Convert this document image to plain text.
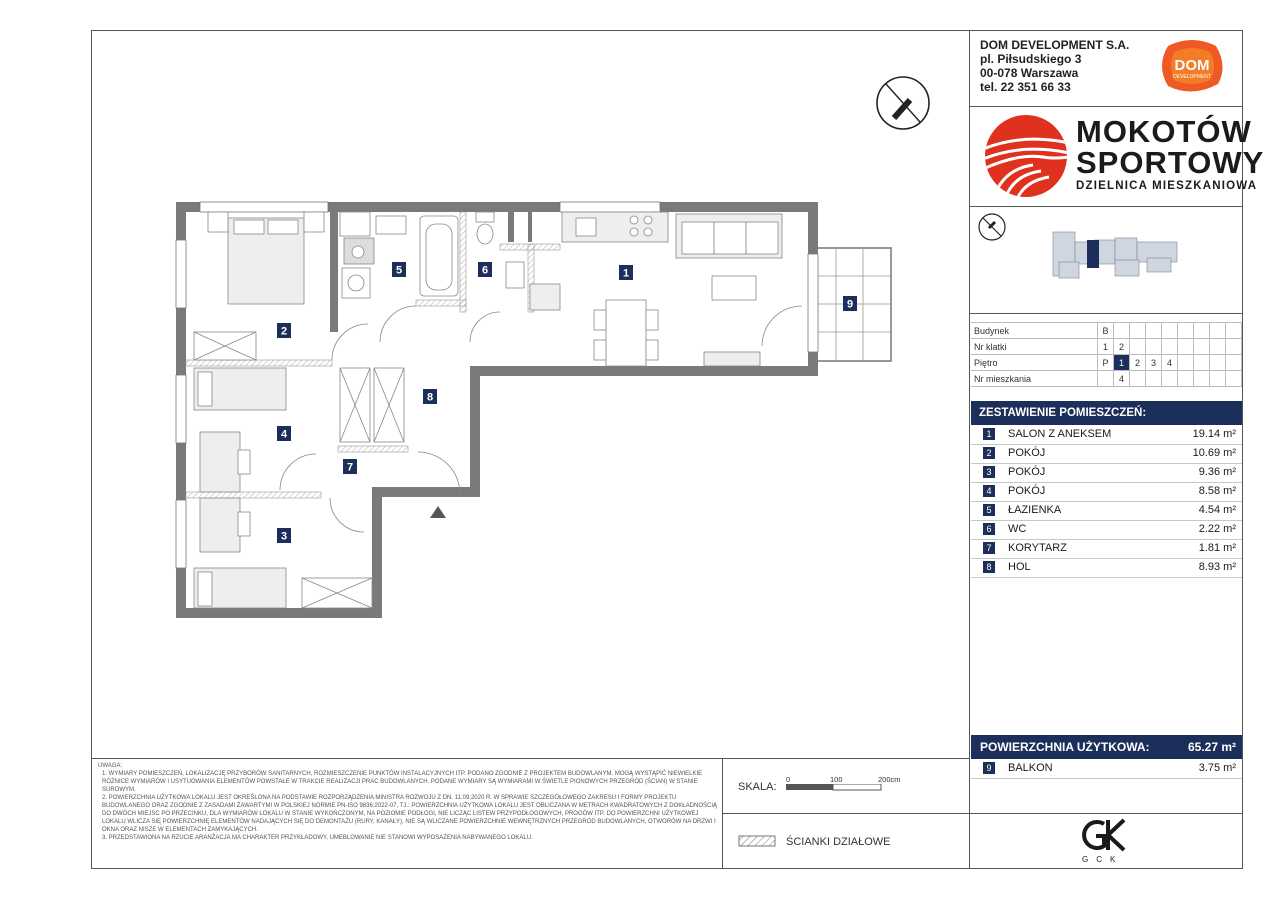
DOM DEVELOPMENT S.A.
pl. Piłsudskiego 3
00-078 Warszawa
tel. 22 351 66 33
DOM
DEVELOPMENT
MOKOTÓW
SPORTOWY
DZIELNICA MIESZKANIOWA
Budynek	B								
Nr klatki	1	2							
Piętro	P	1	2	3	4				
Nr mieszkania		4							
ZESTAWIENIE POMIESZCZEŃ:
1	SALON Z ANEKSEM	19.14 m²
2	POKÓJ	10.69 m²
3	POKÓJ	9.36 m²
4	POKÓJ	8.58 m²
5	ŁAZIENKA	4.54 m²
6	WC	2.22 m²
7	KORYTARZ	1.81 m²
8	HOL	8.93 m²
POWIERZCHNIA UŻYTKOWA:	65.27 m²
9	BALKON	3.75 m²

UWAGA:

1. WYMIARY POMIESZCZEŃ, LOKALIZACJĘ PRZYBORÓW SANITARNYCH, ROZMIESZCZENIE PUNKTÓW INSTALACYJNYCH ITP. PODANO ZGODNIE Z PROJEKTEM BUDOWLANYM. MOGĄ WYSTĄPIĆ NIEWIELKIE RÓŻNICE WYMIARÓW I USYTUOWANIA ELEMENTÓW POWSTAŁE W TRAKCIE REALIZACJI PRAC BUDOWLANYCH. PODANE WYMIARY SĄ WYMIARAMI W ŚWIETLE PIONOWYCH PRZEGRÓD (ŚCIAN) W STANIE SUROWYM.

2. POWIERZCHNIA UŻYTKOWA LOKALU JEST OKREŚLONA NA PODSTAWIE ROZPORZĄDZENIA MINISTRA ROZWOJU Z DN. 11.09.2020 R. W SPRAWIE SZCZEGÓŁOWEGO ZAKRESU I FORMY PROJEKTU BUDOWLANEGO ORAZ ZGODNIE Z ZASADAMI ZAWARTYMI W POLSKIEJ NORMIE PN-ISO 9836:2022-07, TJ.: POWIERZCHNIA UŻYTKOWA LOKALU JEST OBLICZANA W METRACH KWADRATOWYCH Z DOKŁADNOŚCIĄ DO DWÓCH MIEJSC PO PRZECINKU, DLA WYMIARÓW LOKALU W STANIE WYKOŃCZONYM, NA POZIOMIE PODŁOGI, NIE LICZĄC LISTEW PRZYPODŁOGOWYCH, PROGÓW ITP. DO POWIERZCHNI UŻYTKOWEJ LOKALU WLICZA SIĘ POWIERZCHNIĘ ELEMENTÓW NADAJĄCYCH SIĘ DO DEMONTAŻU (RURY, KANAŁY), NIE SĄ WLICZANE POWIERZCHNIE WEWNĘTRZNYCH PRZEGRÓD BUDOWLANYCH, OTWORÓW NA DRZWI I OKNA ORAZ NISZE W ELEMENTACH ZAMYKAJĄCYCH.

3. PRZEDSTAWIONA NA RZUCIE ARANŻACJA MA CHARAKTER PRZYKŁADOWY, UMEBLOWANIE NIE STANOWI WYPOSAŻENIA NABYWANEGO LOKALU.

SKALA:
0	100	200cm
ŚCIANKI DZIAŁOWE
GCK
1
2
3
4
5	6
7
8
9
